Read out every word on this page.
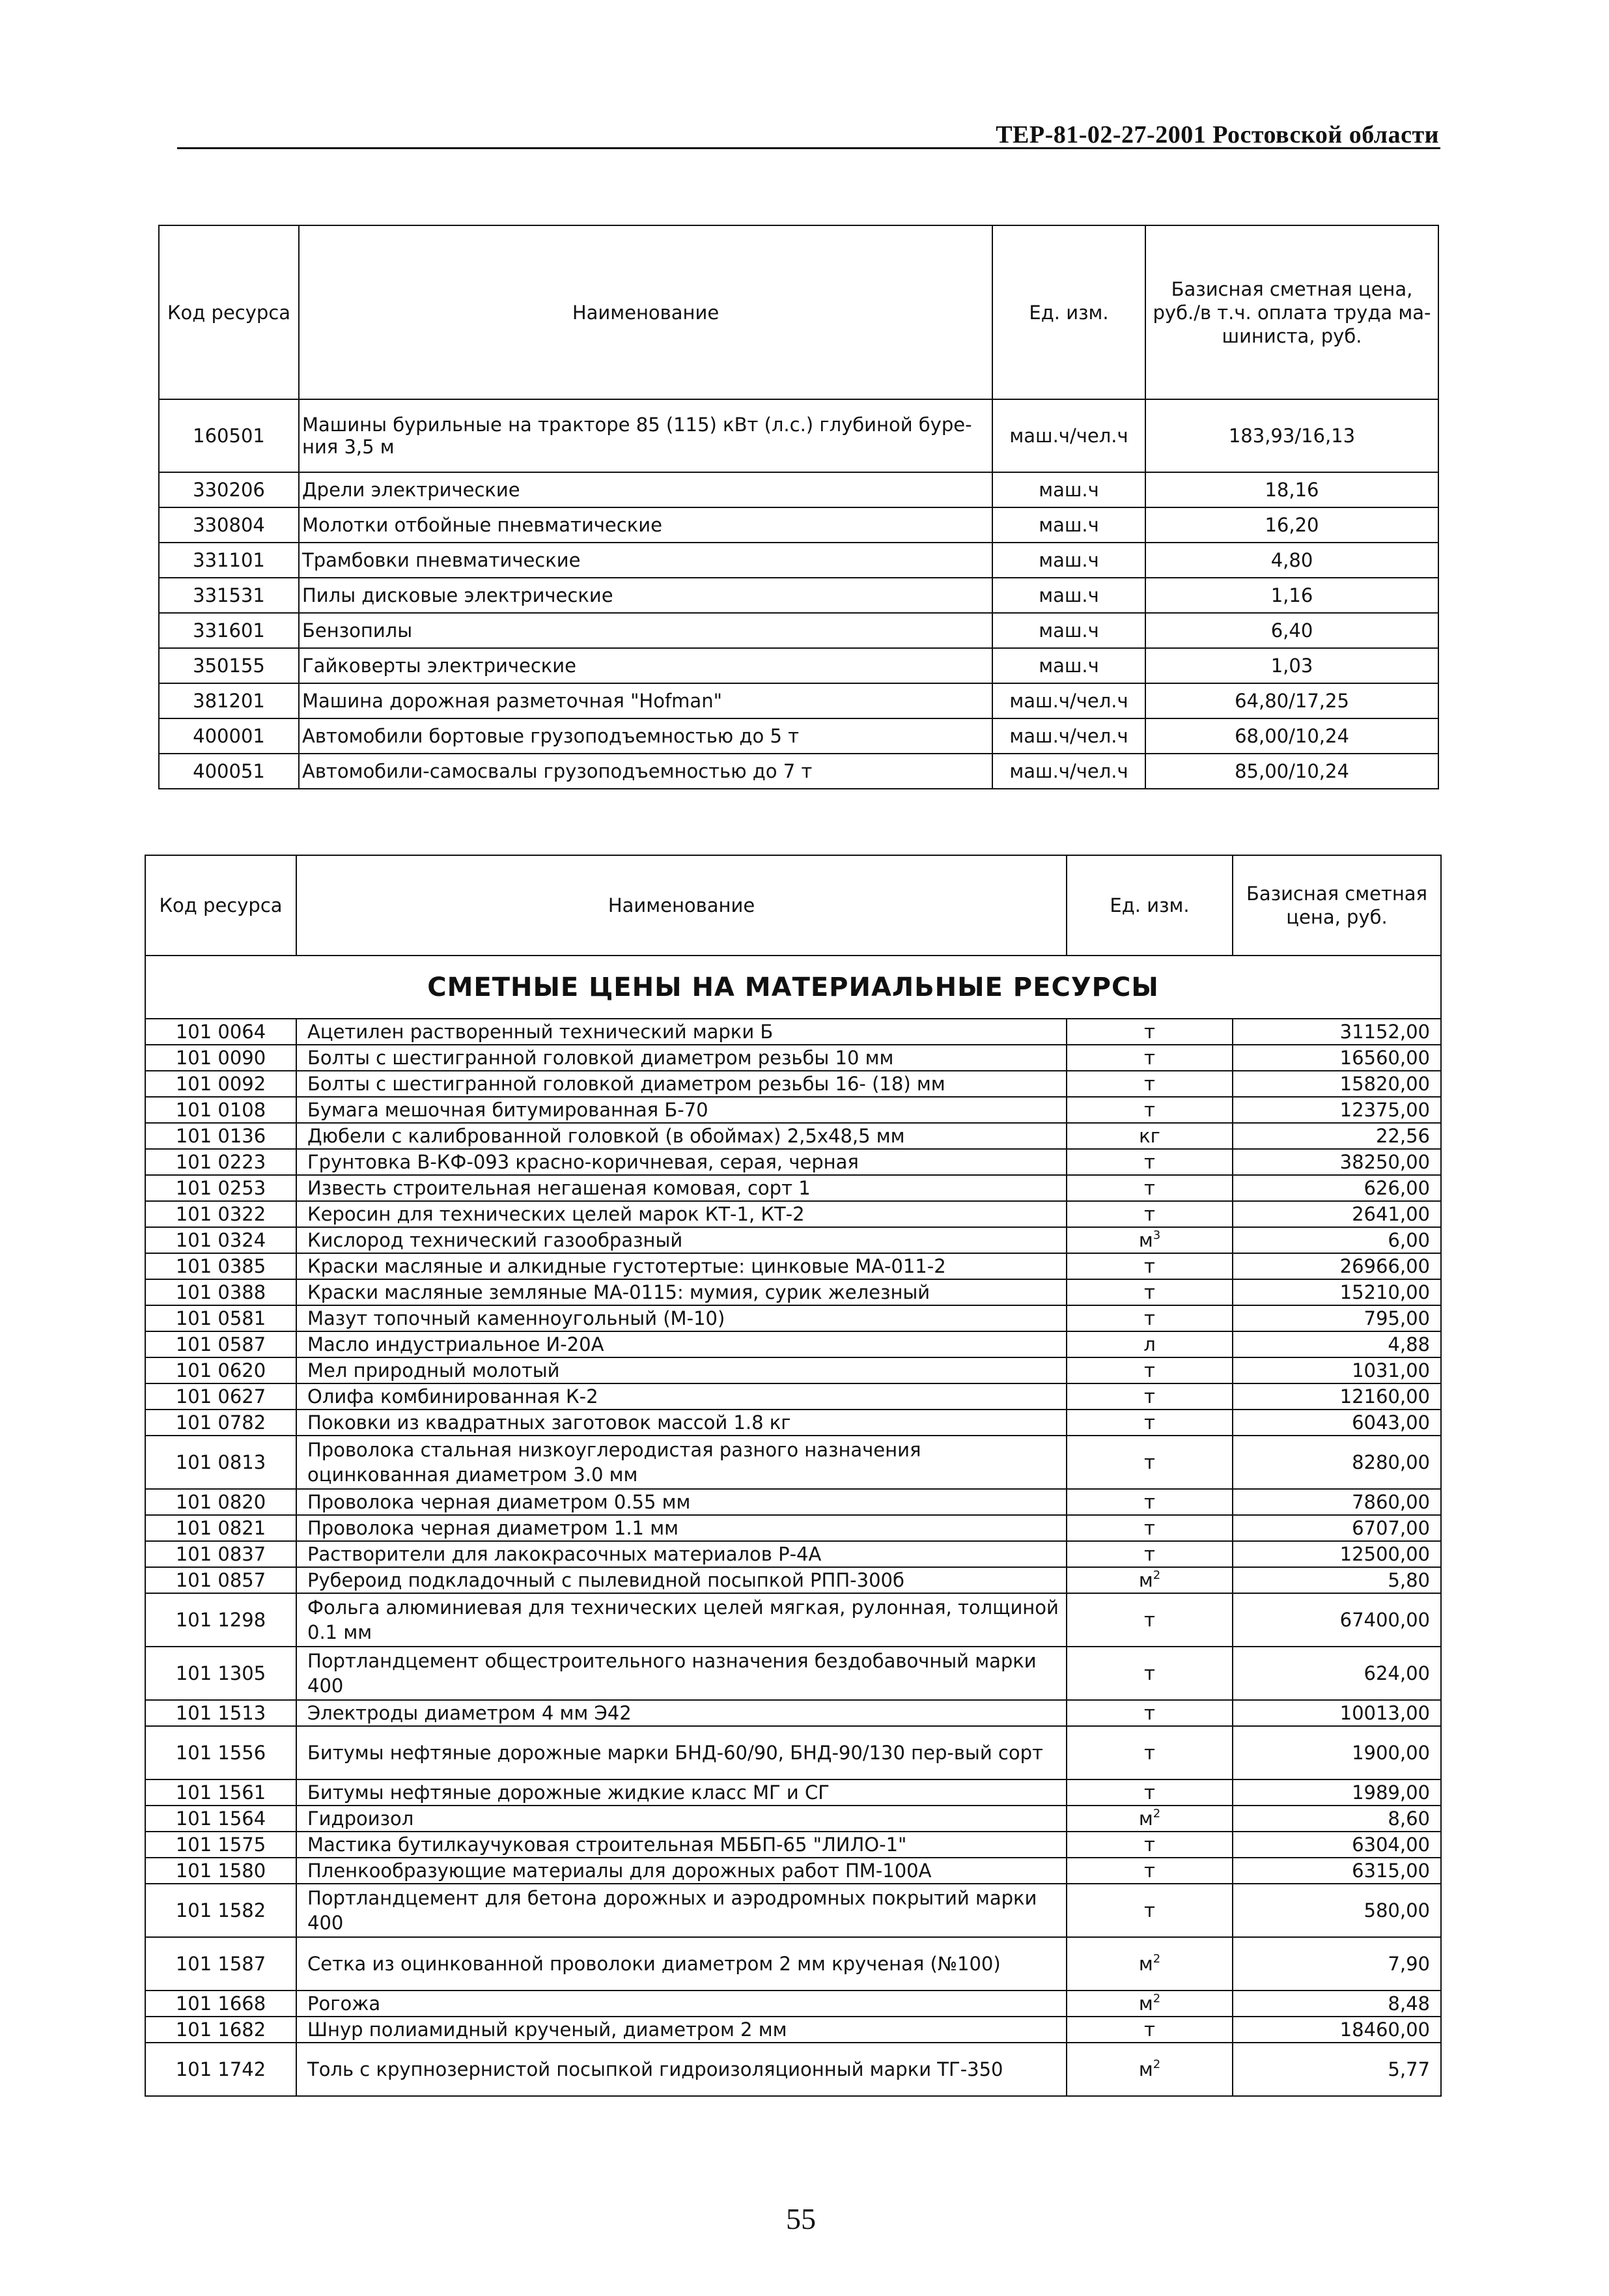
ТЕР-81-02-27-2001 Ростовской области
Код ресурса	Наименование	Ед. изм.	Базисная сметная цена, руб./в т.ч. оплата труда ма-шиниста, руб.
160501	Машины бурильные на тракторе 85 (115) кВт (л.с.) глубиной буре-ния 3,5 м	маш.ч/чел.ч	183,93/16,13
330206	Дрели электрические	маш.ч	18,16
330804	Молотки отбойные пневматические	маш.ч	16,20
331101	Трамбовки пневматические	маш.ч	4,80
331531	Пилы дисковые электрические	маш.ч	1,16
331601	Бензопилы	маш.ч	6,40
350155	Гайковерты электрические	маш.ч	1,03
381201	Машина дорожная разметочная "Hofman"	маш.ч/чел.ч	64,80/17,25
400001	Автомобили бортовые грузоподъемностью до 5 т	маш.ч/чел.ч	68,00/10,24
400051	Автомобили-самосвалы грузоподъемностью до 7 т	маш.ч/чел.ч	85,00/10,24
Код ресурса	Наименование	Ед. изм.	Базисная сметная цена, руб.
СМЕТНЫЕ ЦЕНЫ НА МАТЕРИАЛЬНЫЕ РЕСУРСЫ			
101 0064	Ацетилен растворенный технический марки Б	т	31152,00
101 0090	Болты с шестигранной головкой диаметром резьбы 10 мм	т	16560,00
101 0092	Болты с шестигранной головкой диаметром резьбы 16- (18) мм	т	15820,00
101 0108	Бумага мешочная битумированная Б-70	т	12375,00
101 0136	Дюбели с калиброванной головкой (в обоймах) 2,5х48,5 мм	кг	22,56
101 0223	Грунтовка В-КФ-093 красно-коричневая, серая, черная	т	38250,00
101 0253	Известь строительная негашеная комовая, сорт 1	т	626,00
101 0322	Керосин для технических целей марок КТ-1, КТ-2	т	2641,00
101 0324	Кислород технический газообразный	$м^3$	6,00
101 0385	Краски масляные и алкидные густотертые: цинковые МА-011-2	т	26966,00
101 0388	Краски масляные земляные МА-0115: мумия, сурик железный	т	15210,00
101 0581	Мазут топочный каменноугольный (М-10)	т	795,00
101 0587	Масло индустриальное И-20А	л	4,88
101 0620	Мел природный молотый	т	1031,00
101 0627	Олифа комбинированная К-2	т	12160,00
101 0782	Поковки из квадратных заготовок массой 1.8 кг	т	6043,00
101 0813	Проволока стальная низкоуглеродистая разного назначения оцинкованная диаметром 3.0 мм	т	8280,00
101 0820	Проволока черная диаметром 0.55 мм	т	7860,00
101 0821	Проволока черная диаметром 1.1 мм	т	6707,00
101 0837	Растворители для лакокрасочных материалов Р-4А	т	12500,00
101 0857	Рубероид подкладочный с пылевидной посыпкой РПП-300б	$м^2$	5,80
101 1298	Фольга алюминиевая для технических целей мягкая, рулонная, толщиной 0.1 мм	т	67400,00
101 1305	Портландцемент общестроительного назначения бездобавочный марки 400	т	624,00
101 1513	Электроды диаметром 4 мм Э42	т	10013,00
101 1556	Битумы нефтяные дорожные марки БНД-60/90, БНД-90/130 пер-вый сорт	т	1900,00
101 1561	Битумы нефтяные дорожные жидкие класс МГ и СГ	т	1989,00
101 1564	Гидроизол	$м^2$	8,60
101 1575	Мастика бутилкаучуковая строительная МББП-65 "ЛИЛО-1"	т	6304,00
101 1580	Пленкообразующие материалы для дорожных работ ПМ-100А	т	6315,00
101 1582	Портландцемент для бетона дорожных и аэродромных покрытий марки 400	т	580,00
101 1587	Сетка из оцинкованной проволоки диаметром 2 мм крученая (№100)	$м^2$	7,90
101 1668	Рогожа	$м^2$	8,48
101 1682	Шнур полиамидный крученый, диаметром 2 мм	т	18460,00
101 1742	Толь с крупнозернистой посыпкой гидроизоляционный марки ТГ-350	$м^2$	5,77
55
